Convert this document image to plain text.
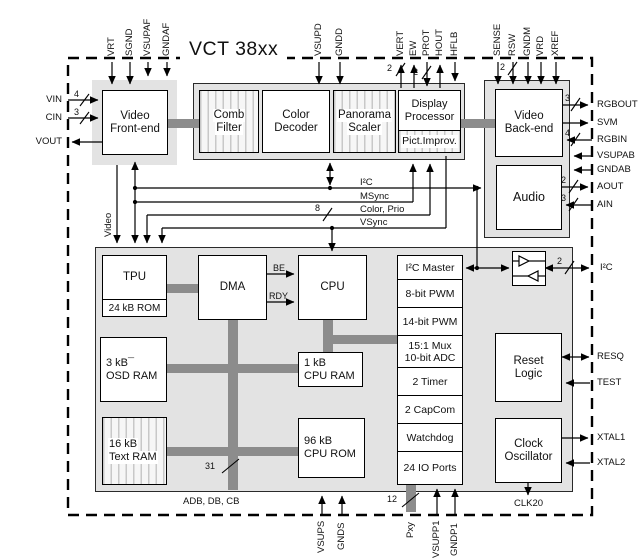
Video
Front-end
Comb
Filter
Color
Decoder
Panorama
Scaler
Display
Processor
Pict.Improv.
Video
Back-end
Audio
TPU
24 kB ROM
DMA	CPU
I²C Master
8-bit PWM
14-bit PWM
15:1 Mux 10-bit ADC
2 Timer
2 CapCom
Watchdog
24 IO Ports
3 kB¯
OSD RAM
1 kB
CPU RAM
16 kB
Text RAM
96 kB
CPU ROM
Reset
Logic
Clock
Oscillator
VCT 38xx
VRT SGND VSUPAF GNDAF	VSUPD GNDD	VERT EW PROT HOUT HFLB	SENSE RSW GNDM VRD XREF
VIN
CIN
VOUT
RGBOUT
SVM
RGBIN
VSUPAB
GNDAB
AOUT
AIN
I²C
RESQ
TEST
XTAL1
XTAL2
VSUPS GNDS	Pxy VSUPP1 GNDP1
CLK20
Video
I²C
MSync
Color, Prio
VSync
BE
RDY
ADB, DB, CB
4
3
2 2	2
3
4
2
3
2
8
31
12
